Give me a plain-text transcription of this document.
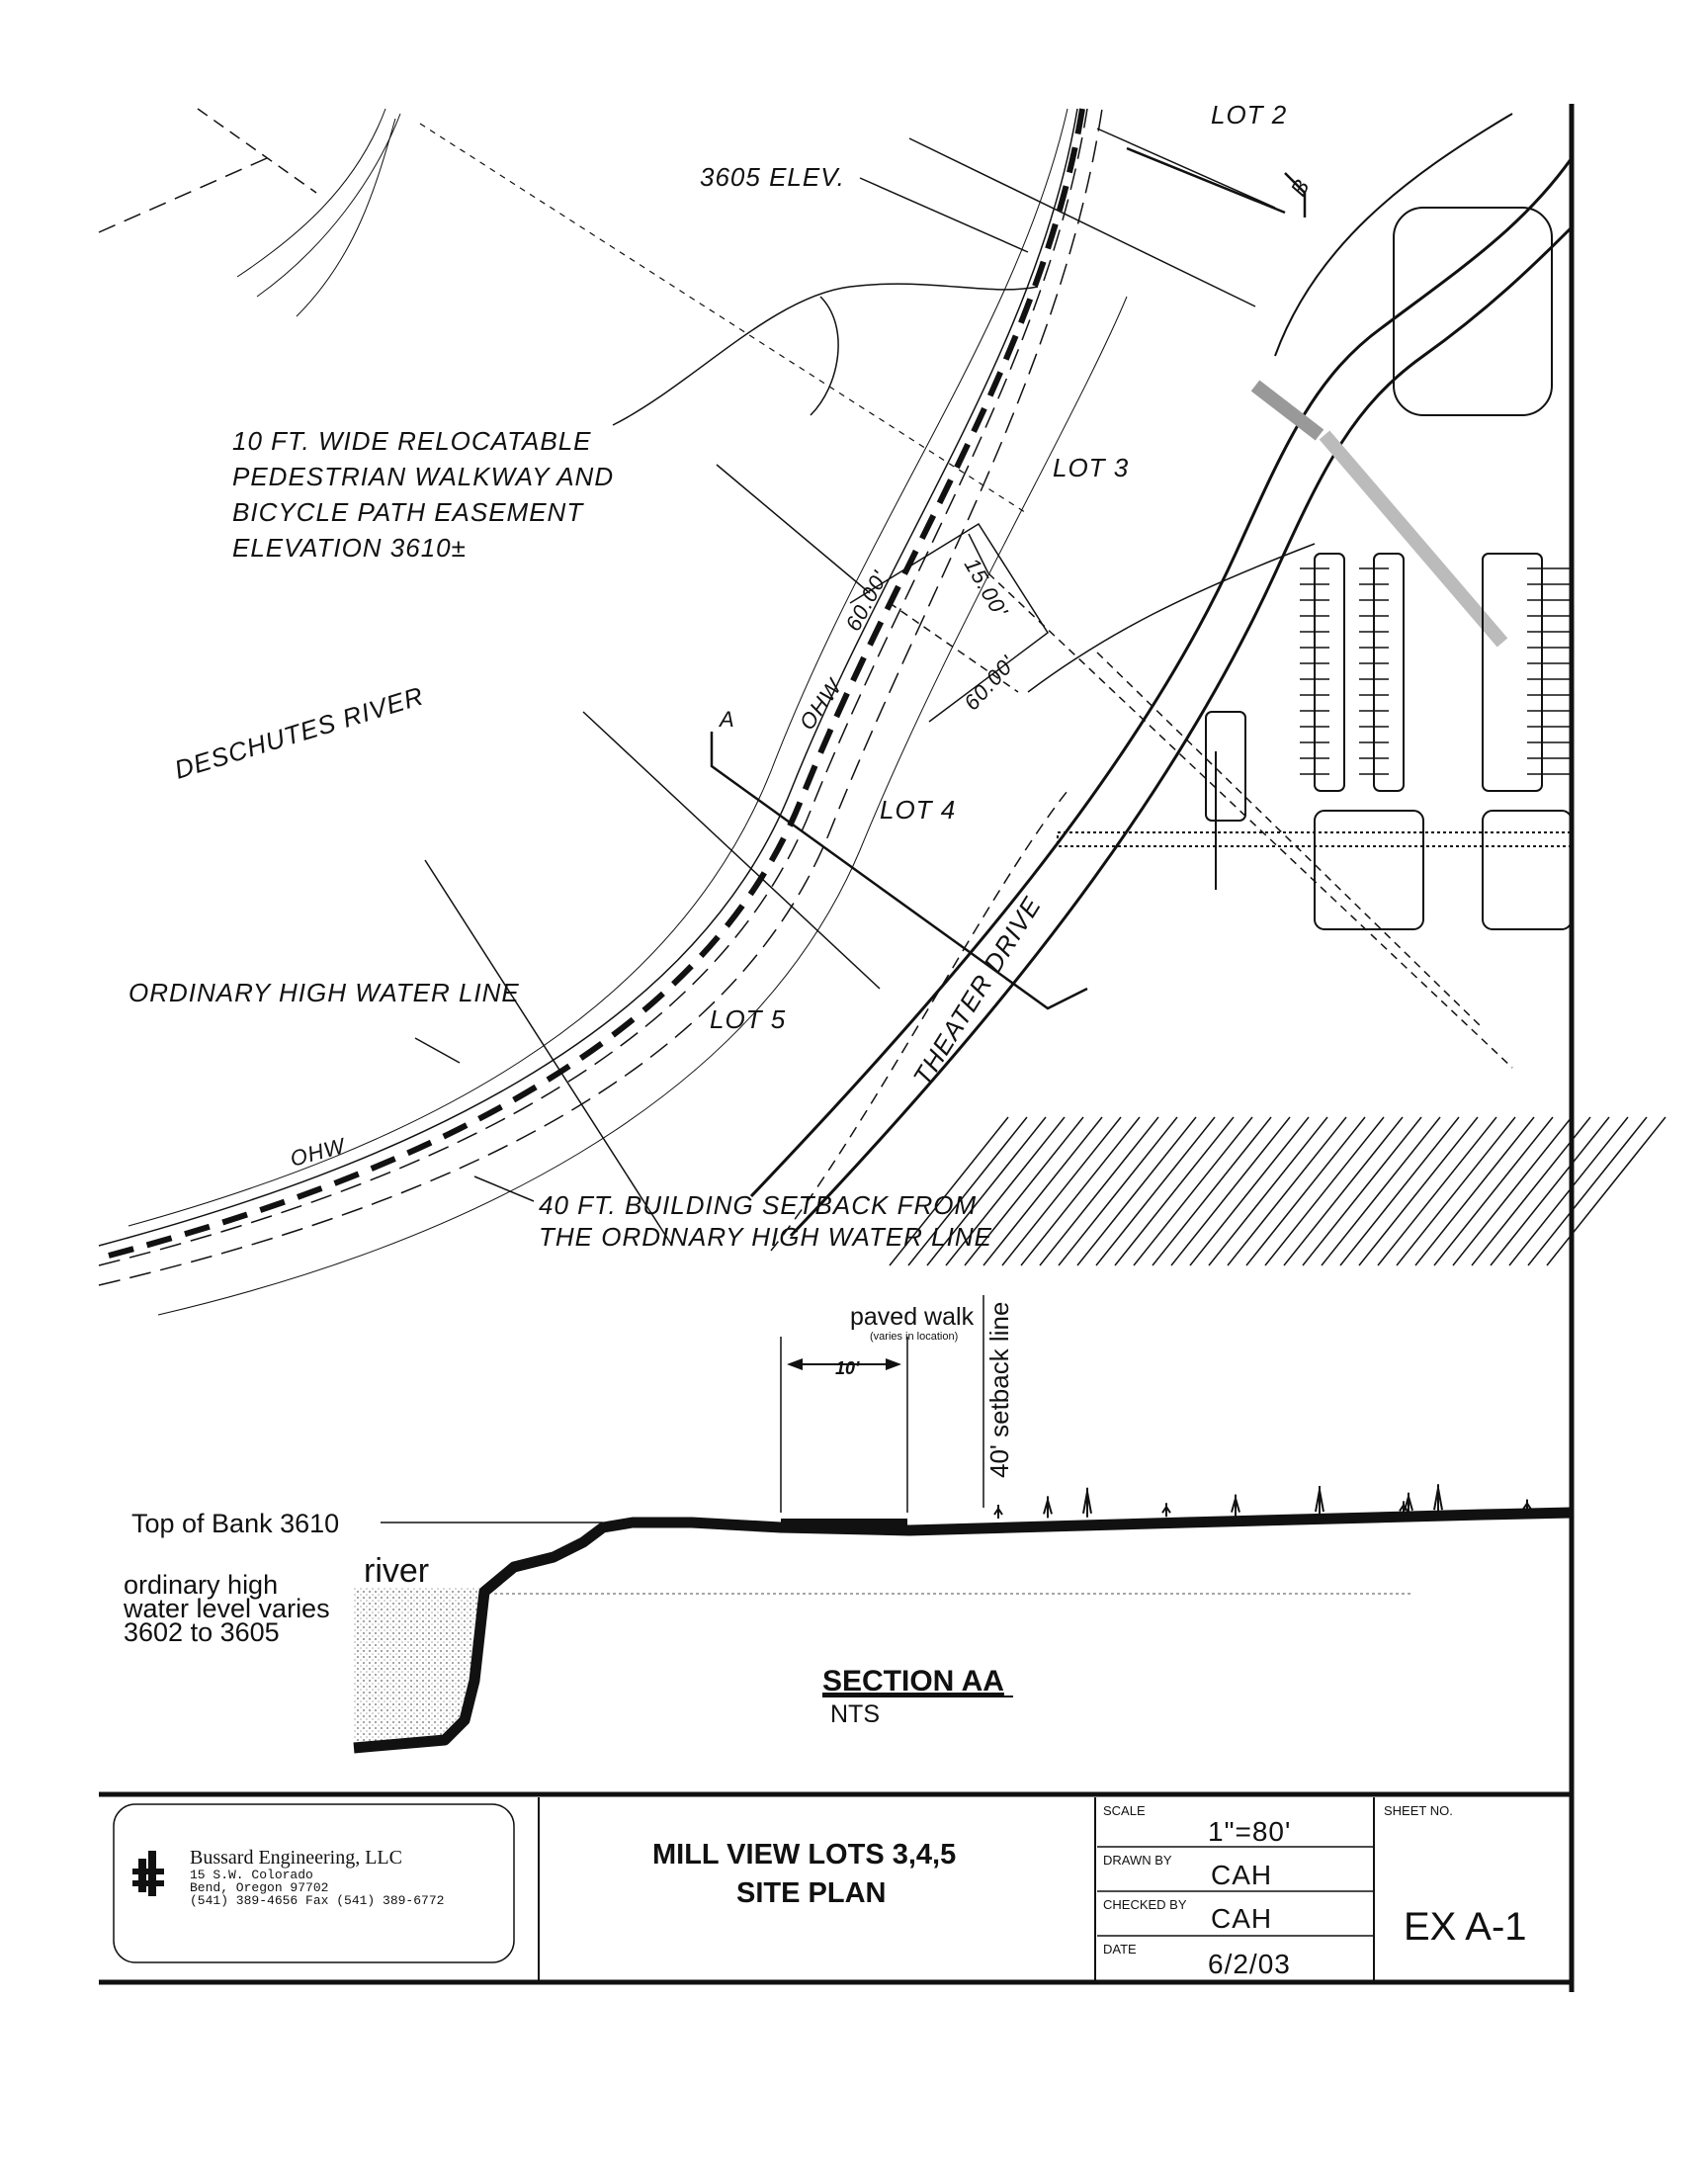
LOT 2
3605 ELEV.
10 FT. WIDE RELOCATABLE
PEDESTRIAN WALKWAY AND
BICYCLE PATH EASEMENT
ELEVATION 3610±
LOT 3
DESCHUTES RIVER	OHW
LOT 4
ORDINARY HIGH WATER LINE
LOT 5	THEATER DRIVE
OHW
40 FT. BUILDING SETBACK FROM
THE ORDINARY HIGH WATER LINE
15.00'
60.00'
60.00'
A
B
paved walk
(varies in location)
10'	40' setback line
Top of Bank 3610
river
ordinary high
water level varies
3602 to 3605
SECTION AA
NTS
Bussard Engineering, LLC
15 S.W. Colorado
Bend, Oregon 97702
(541) 389-4656 Fax (541) 389-6772
MILL VIEW LOTS 3,4,5
SITE PLAN
SCALE
1"=80'
DRAWN BY CAH
CHECKED BY CAH
DATE	6/2/03
SHEET NO.
EX A-1
